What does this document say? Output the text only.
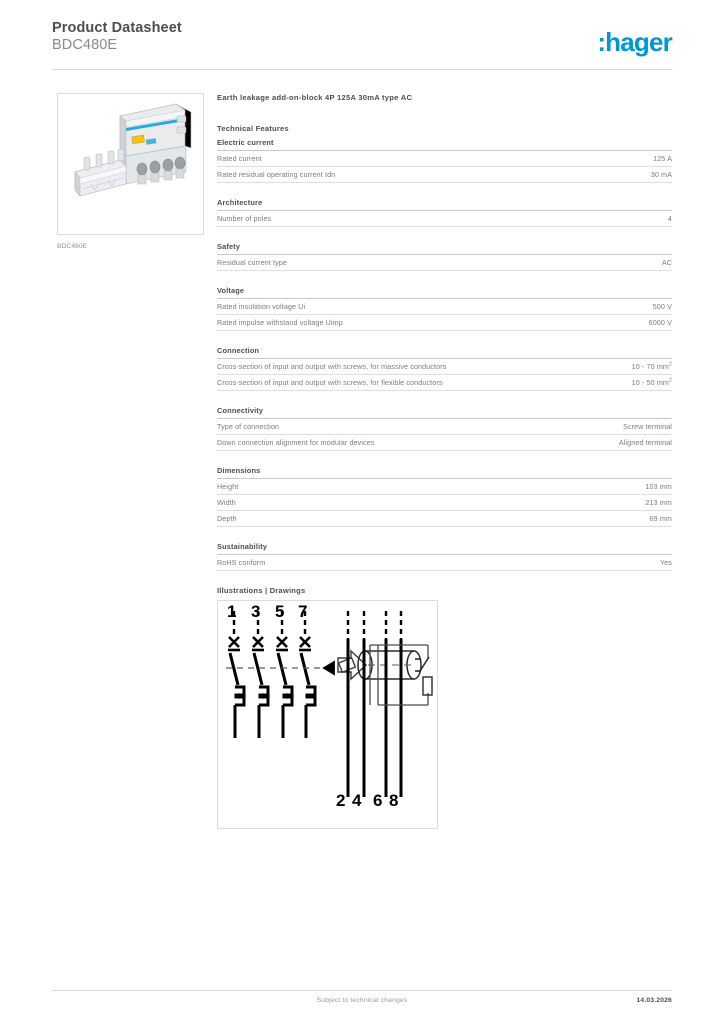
Product Datasheet
BDC480E	:hager
BDC480E
Earth leakage add-on-block 4P 125A 30mA type AC
Technical Features
Electric current
Rated current	125 A
Rated residual operating current Idn	30 mA
Architecture
Number of poles	4
Safety
Residual current type	AC
Voltage
Rated insulation voltage Ui	500 V
Rated impulse withstand voltage Uimp	6000 V
Connection
Cross-section of input and output with screws, for massive conductors	10 - 70 $mm^2$
Cross-section of input and output with screws, for flexible conductors	10 - 50 $mm^2$
Connectivity
Type of connection	Screw terminal
Down connection alignment for modular devices	Aligned terminal
Dimensions
Height	103 mm
Width	213 mm
Depth	69 mm
Sustainability
RoHS conform	Yes
Illustrations | Drawings
1 3 5 7
2 4 6 8
Subject to technical changes	14.03.2026
